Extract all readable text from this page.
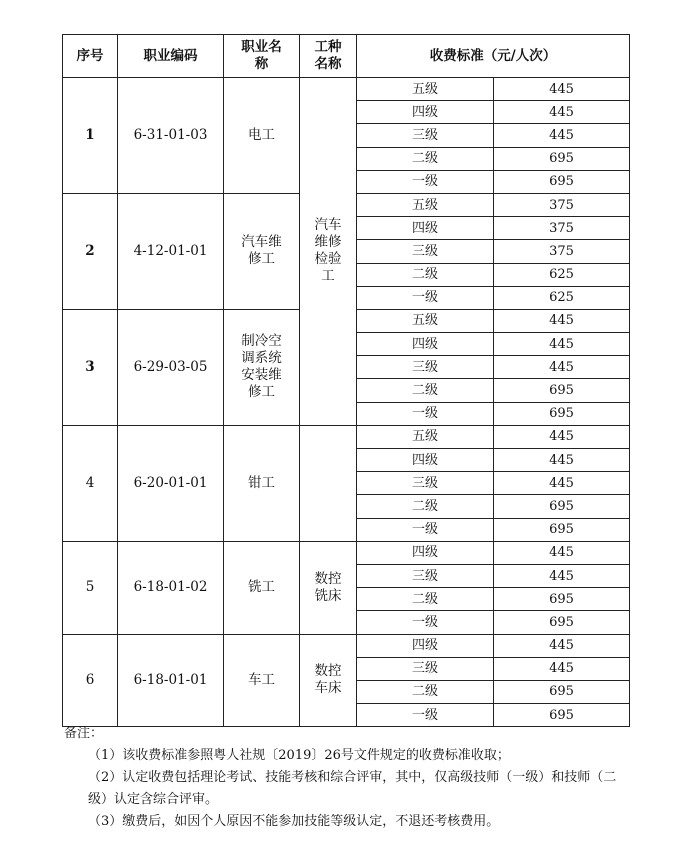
序号	职业编码	职业名称	工种名称	收费标准（元/人次）	
1	6-31-01-03	电工	汽车维修检验工	五级	445
				四级	445
				三级	445
				二级	695
				一级	695
2	4-12-01-01	汽车维修工		五级	375
				四级	375
				三级	375
				二级	625
				一级	625
3	6-29-03-05	制冷空调系统安装维修工		五级	445
				四级	445
				三级	445
				二级	695
				一级	695
4	6-20-01-01	钳工		五级	445
				四级	445
				三级	445
				二级	695
				一级	695
5	6-18-01-02	铣工	数控铣床	四级	445
				三级	445
				二级	695
				一级	695
6	6-18-01-01	车工	数控车床	四级	445
				三级	445
				二级	695
				一级	695

备注：

（1）该收费标准参照粤人社规〔2019〕26号文件规定的收费标准收取；

（2）认定收费包括理论考试、技能考核和综合评审，其中，仅高级技师（一级）和技师（二级）认定含综合评审。

（3）缴费后，如因个人原因不能参加技能等级认定，不退还考核费用。
